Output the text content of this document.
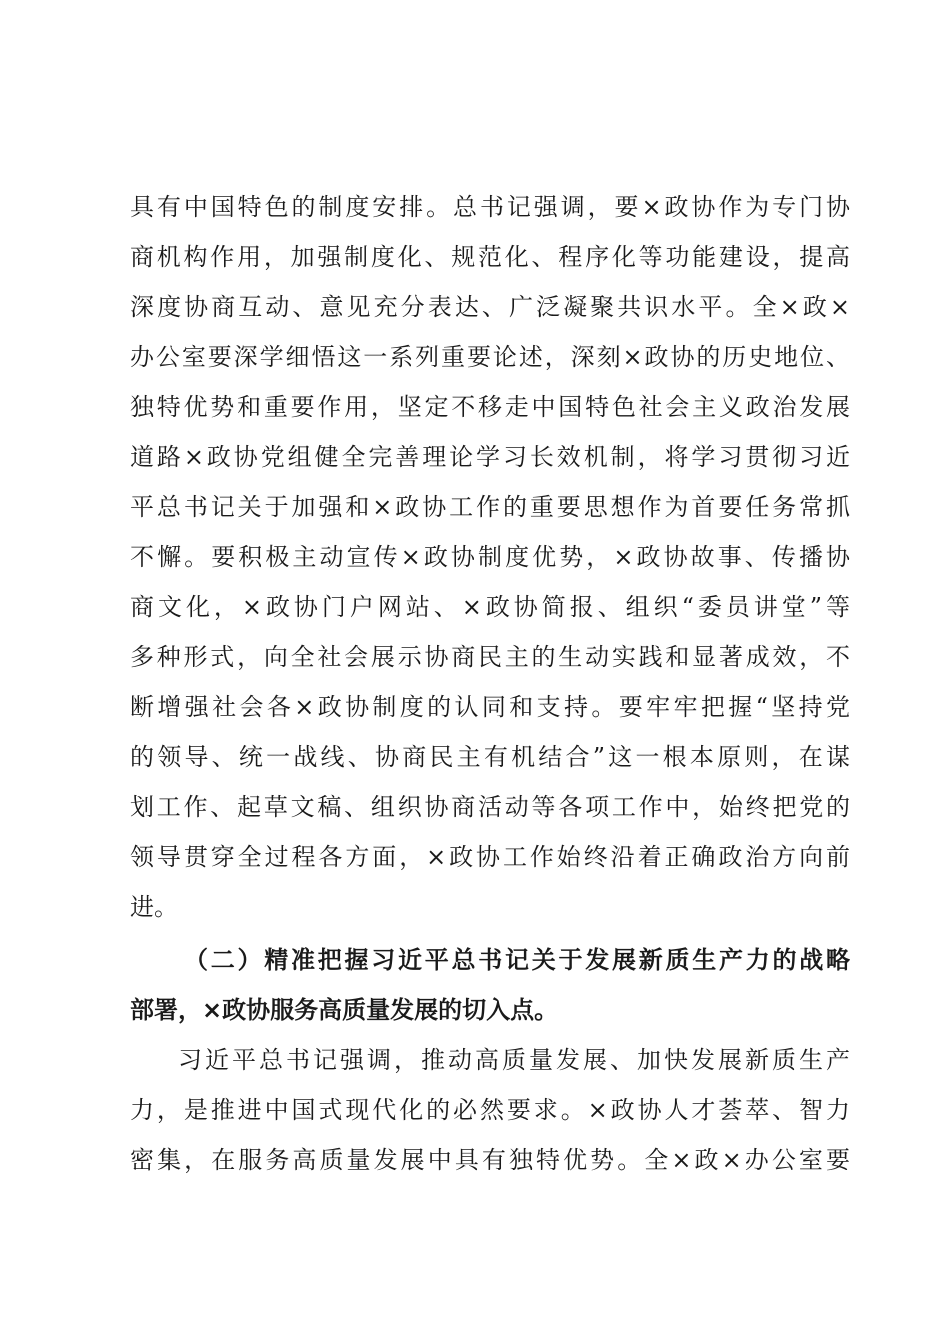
具有中国特色的制度安排。总书记强调，要×政协作为专门协
商机构作用，加强制度化、规范化、程序化等功能建设，提高
深度协商互动、意见充分表达、广泛凝聚共识水平。全×政×
办公室要深学细悟这一系列重要论述，深刻×政协的历史地位、
独特优势和重要作用，坚定不移走中国特色社会主义政治发展
道路×政协党组健全完善理论学习长效机制，将学习贯彻习近
平总书记关于加强和×政协工作的重要思想作为首要任务常抓
不懈。要积极主动宣传×政协制度优势，×政协故事、传播协
商文化，×政协门户网站、×政协简报、组织“委员讲堂”等
多种形式，向全社会展示协商民主的生动实践和显著成效，不
断增强社会各×政协制度的认同和支持。要牢牢把握“坚持党
的领导、统一战线、协商民主有机结合”这一根本原则，在谋
划工作、起草文稿、组织协商活动等各项工作中，始终把党的
领导贯穿全过程各方面，×政协工作始终沿着正确政治方向前
进。
（二）精准把握习近平总书记关于发展新质生产力的战略
部署，×政协服务高质量发展的切入点。
习近平总书记强调，推动高质量发展、加快发展新质生产
力，是推进中国式现代化的必然要求。×政协人才荟萃、智力
密集，在服务高质量发展中具有独特优势。全×政×办公室要
